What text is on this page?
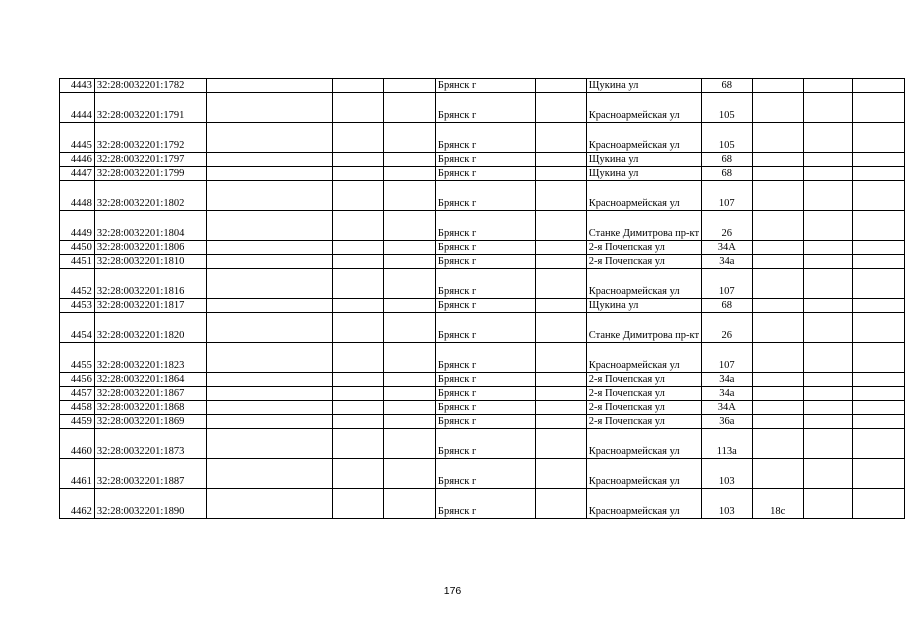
4443	32:28:0032201:1782				Брянск г		Щукина ул	68			
4444	32:28:0032201:1791				Брянск г		Красноармейская ул	105			
4445	32:28:0032201:1792				Брянск г		Красноармейская ул	105			
4446	32:28:0032201:1797				Брянск г		Щукина ул	68			
4447	32:28:0032201:1799				Брянск г		Щукина ул	68			
4448	32:28:0032201:1802				Брянск г		Красноармейская ул	107			
4449	32:28:0032201:1804				Брянск г		Станке Димитрова пр-кт	26			
4450	32:28:0032201:1806				Брянск г		2-я Почепская ул	34А			
4451	32:28:0032201:1810				Брянск г		2-я Почепская ул	34а			
4452	32:28:0032201:1816				Брянск г		Красноармейская ул	107			
4453	32:28:0032201:1817				Брянск г		Щукина ул	68			
4454	32:28:0032201:1820				Брянск г		Станке Димитрова пр-кт	26			
4455	32:28:0032201:1823				Брянск г		Красноармейская ул	107			
4456	32:28:0032201:1864				Брянск г		2-я Почепская ул	34а			
4457	32:28:0032201:1867				Брянск г		2-я Почепская ул	34а			
4458	32:28:0032201:1868				Брянск г		2-я Почепская ул	34А			
4459	32:28:0032201:1869				Брянск г		2-я Почепская ул	36а			
4460	32:28:0032201:1873				Брянск г		Красноармейская ул	113а			
4461	32:28:0032201:1887				Брянск г		Красноармейская ул	103			
4462	32:28:0032201:1890				Брянск г		Красноармейская ул	103	18с		
176
